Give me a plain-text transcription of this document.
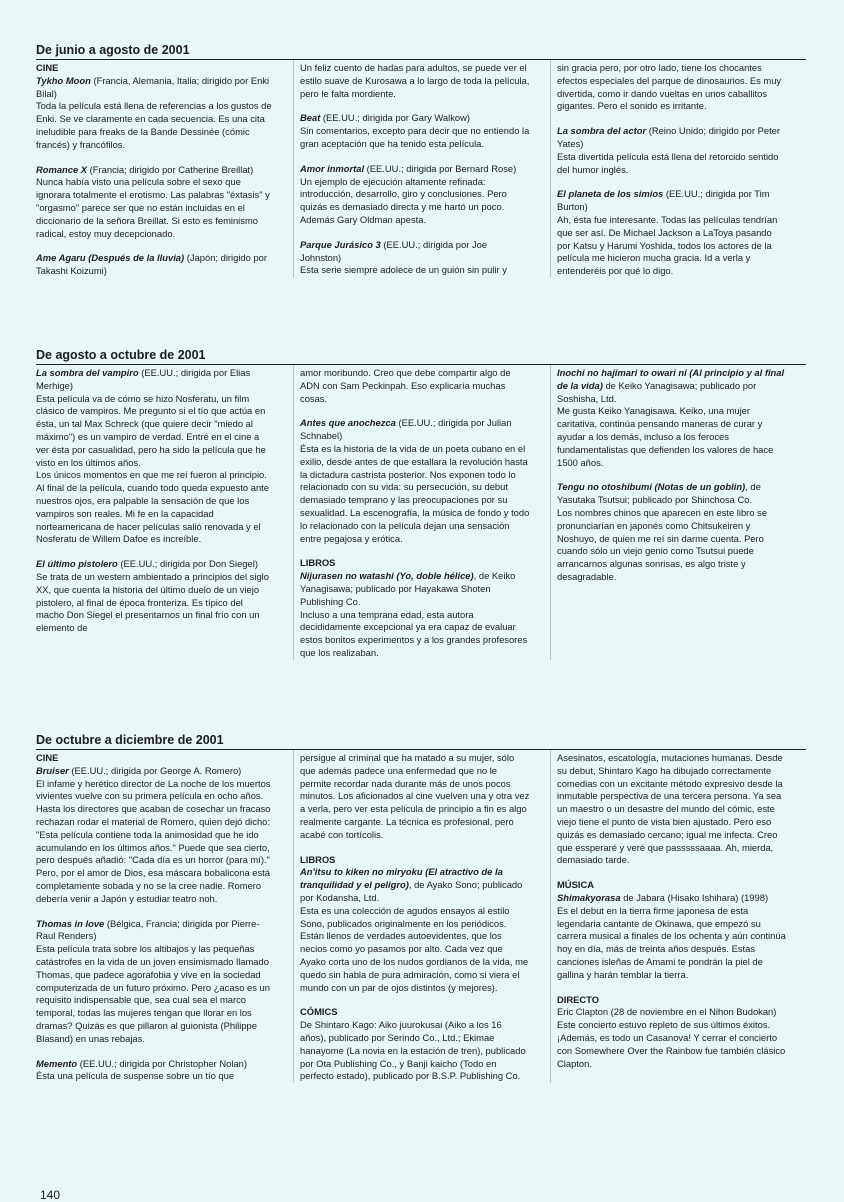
De junio a agosto de 2001
CINE
Tykho Moon (Francia, Alemania, Italia; dirigido por Enki Bilal)
Toda la película está llena de referencias a los gustos de Enki. Se ve claramente en cada secuencia. Es una cita ineludible para freaks de la Bande Dessinée (cómic francés) y francófilos.
Romance X (Francia; dirigido por Catherine Breillat)
Nunca había visto una película sobre el sexo que ignorara totalmente el erotismo. Las palabras "éxtasis" y "orgasmo" parece ser que no están incluidas en el diccionario de la señora Breillat. Si esto es feminismo radical, estoy muy decepcionado.
Ame Agaru (Después de la lluvia) (Japón; dirigido por Takashi Koizumi)
Un feliz cuento de hadas para adultos, se puede ver el estilo suave de Kurosawa a lo largo de toda la película, pero le falta mordiente.
Beat (EE.UU.; dirigida por Gary Walkow)
Sin comentarios, excepto para decir que no entiendo la gran aceptación que ha tenido esta película.
Amor inmortal (EE.UU.; dirigida por Bernard Rose)
Un ejemplo de ejecución altamente refinada: introducción, desarrollo, giro y conclusiones. Pero quizás es demasiado directa y me hartó un poco. Además Gary Oldman apesta.
Parque Jurásico 3 (EE.UU.; dirigida por Joe Johnston)
Esta serie siempre adolece de un guión sin pulir y
sin gracia pero, por otro lado, tiene los chocantes efectos especiales del parque de dinosaurios. Es muy divertida, como ir dando vueltas en unos caballitos gigantes. Pero el sonido es irritante.
La sombra del actor (Reino Unido; dirigido por Peter Yates)
Esta divertida película está llena del retorcido sentido del humor inglés.
El planeta de los simios (EE.UU.; dirigida por Tim Burton)
Ah, ésta fue interesante. Todas las películas tendrían que ser así. De Michael Jackson a LaToya pasando por Katsu y Harumi Yoshida, todos los actores de la película me hicieron mucha gracia. Id a verla y entenderéis por qué lo digo.
De agosto a octubre de 2001
La sombra del vampiro (EE.UU.; dirigida por Elias Merhige)
Esta película va de cómo se hizo Nosferatu, un film clásico de vampiros. Me pregunto si el tío que actúa en ésta, un tal Max Schreck (que quiere decir "miedo al máximo") es un vampiro de verdad. Entré en el cine a ver ésta por casualidad, pero ha sido la película que he visto en los últimos años.
Los únicos momentos en que me reí fueron al principio. Al final de la película, cuando todo queda expuesto ante nuestros ojos, era palpable la sensación de que los vampiros son reales. Mi fe en la capacidad norteamericana de hacer películas salió renovada y el Nosferatu de Willem Dafoe es increíble.
El último pistolero (EE.UU.; dirigida por Don Siegel)
Se trata de un western ambientado a principios del siglo XX, que cuenta la historia del último duelo de un viejo pistolero, al final de época fronteriza. Es típico del macho Don Siegel el presentarnos un final frío con un elemento de
amor moribundo. Creo que debe compartir algo de ADN con Sam Peckinpah. Eso explicaría muchas cosas.
Antes que anochezca (EE.UU.; dirigida por Julian Schnabel)
Ésta es la historia de la vida de un poeta cubano en el exilio, desde antes de que estallara la revolución hasta la dictadura castrista posterior. Nos exponen todo lo relacionado con su vida: su persecución, su debut demasiado temprano y las preocupaciones por su sexualidad. La escenografía, la música de fondo y todo lo relacionado con la película dejan una sensación entre pegajosa y erótica.
LIBROS
Nijurasen no watashi (Yo, doble hélice), de Keiko Yanagisawa; publicado por Hayakawa Shoten Publishing Co.
Incluso a una temprana edad, esta autora decididamente excepcional ya era capaz de evaluar estos bonitos experimentos y a los grandes profesores que los realizaban.
Inochi no hajimari to owari ni (Al principio y al final de la vida) de Keiko Yanagisawa; publicado por Soshisha, Ltd.
Me gusta Keiko Yanagisawa. Keiko, una mujer caritativa, continúa pensando maneras de curar y ayudar a los demás, incluso a los feroces fundamentalistas que defienden los valores de hace 1500 años.
Tengu no otoshibumi (Notas de un goblin), de Yasutaka Tsutsui; publicado por Shinchosa Co.
Los nombres chinos que aparecen en este libro se pronunciarían en japonés como Chitsukeiren y Noshuyo, de quien me reí sin darme cuenta. Pero cuando sólo un viejo genio como Tsutsui puede arrancarnos algunas sonrisas, es algo triste y desagradable.
De octubre a diciembre de 2001
CINE
Bruiser (EE.UU.; dirigida por George A. Romero)
El infame y herético director de La noche de los muertos vivientes vuelve con su primera película en ocho años. Hasta los directores que acaban de cosechar un fracaso rechazan rodar el material de Romero, quien dejó dicho: "Esta película contiene toda la animosidad que he ido acumulando en los últimos años." Puede que sea cierto, pero después añadió: "Cada día es un horror (para mí)." Pero, por el amor de Dios, esa máscara bobalicona está completamente sobada y no se la cree nadie. Romero debería venir a Japón y estudiar teatro noh.
Thomas in love (Bélgica, Francia; dirigida por Pierre-Raul Renders)
Esta película trata sobre los altibajos y las pequeñas catástrofes en la vida de un joven ensimismado llamado Thomas, que padece agorafobia y vive en la sociedad computerizada de un futuro próximo. Pero ¿acaso es un requisito indispensable que, sea cual sea el marco temporal, todas las mujeres tengan que llorar en los dramas? Quizás es que pillaron al guionista (Philippe Blasand) en unas rebajas.
Memento (EE.UU.; dirigida por Christopher Nolan)
Ésta una película de suspense sobre un tío que
persigue al criminal que ha matado a su mujer, sólo que además padece una enfermedad que no le permite recordar nada durante más de unos pocos minutos. Los aficionados al cine vuelven una y otra vez a verla, pero ver esta película de principio a fin es algo realmente cargante. La técnica es profesional, pero acabé con tortícolis.
LIBROS
An'itsu to kiken no miryoku (El atractivo de la tranquilidad y el peligro), de Ayako Sono; publicado por Kodansha, Ltd.
Esta es una colección de agudos ensayos al estilo Sono, publicados originalmente en los periódicos. Están llenos de verdades autoevidentes, que los necios como yo pasamos por alto. Cada vez que Ayako corta uno de los nudos gordianos de la vida, me quedo sin habla de pura admiración, como si viera el mundo con un par de ojos distintos (y mejores).
CÓMICS
De Shintaro Kago: Aiko juurokusai (Aiko a los 16 años), publicado por Serindo Co., Ltd.; Ekimae hanayome (La novia en la estación de tren), publicado por Ota Publishing Co., y Banji kaicho (Todo en perfecto estado), publicado por B.S.P. Publishing Co.
Asesinatos, escatología, mutaciones humanas. Desde su debut, Shintaro Kago ha dibujado correctamente comedias con un excitante método expresivo desde la inmutable perspectiva de una tercera persona. Ya sea un maestro o un desastre del mundo del cómic, este viejo tiene el punto de vista bien ajustado. Pero eso quizás es demasiado cercano; igual me infecta. Creo que essperaré y veré que passsssaaaa. Ah, mierda, demasiado tarde.
MÚSICA
Shimakyorasa de Jabara (Hisako Ishihara) (1998)
Es el debut en la tierra firme japonesa de esta legendaria cantante de Okinawa, que empezó su carrera musical a finales de los ochenta y aún continúa hoy en día, más de treinta años después. Estas canciones isleñas de Amami te pondrán la piel de gallina y harán temblar la tierra.
DIRECTO
Eric Clapton (28 de noviembre en el Nihon Budokan)
Este concierto estuvo repleto de sus últimos éxitos. ¡Además, es todo un Casanova! Y cerrar el concierto con Somewhere Over the Rainbow fue también clásico Clapton.
140
